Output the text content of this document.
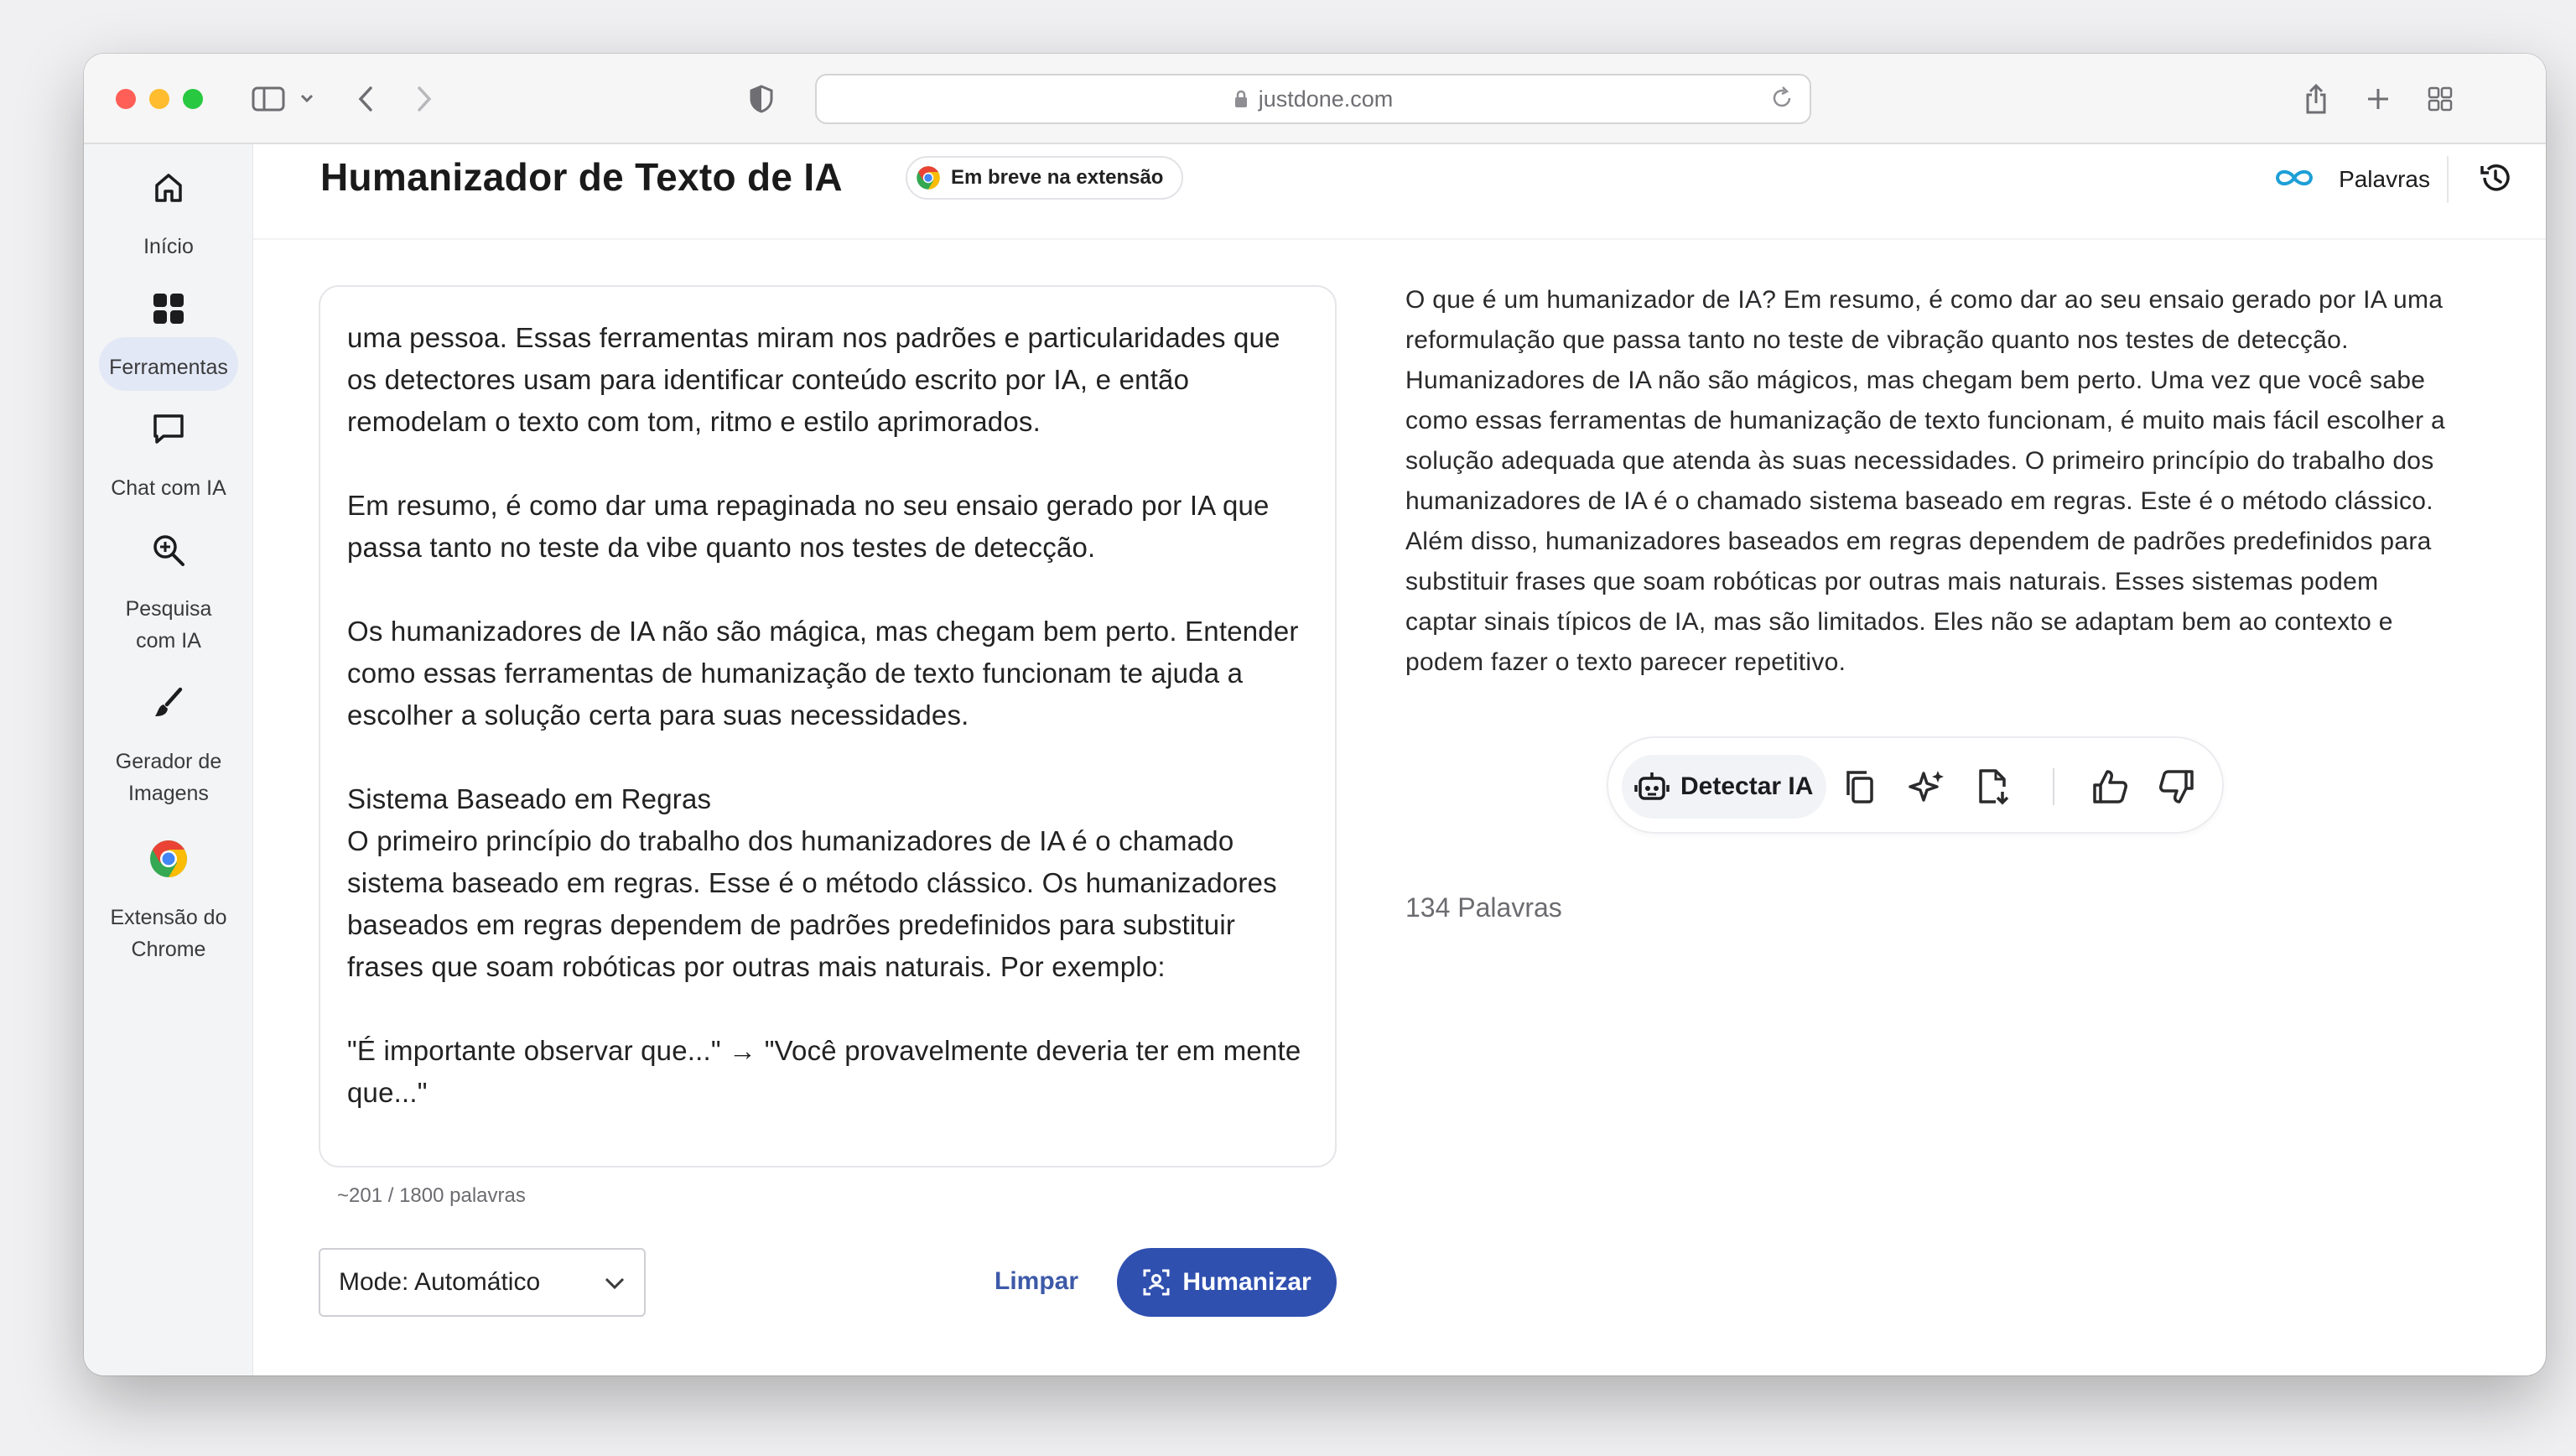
justdone.com
Início
Ferramentas
Chat com IA
Pesquisa com IA
Gerador de Imagens
Extensão do Chrome
Humanizador de Texto de IA	Em breve na extensão	Palavras

uma pessoa. Essas ferramentas miram nos padrões e particularidades que os detectores usam para identificar conteúdo escrito por IA, e então remodelam o texto com tom, ritmo e estilo aprimorados.

Em resumo, é como dar uma repaginada no seu ensaio gerado por IA que passa tanto no teste da vibe quanto nos testes de detecção.

Os humanizadores de IA não são mágica, mas chegam bem perto. Entender como essas ferramentas de humanização de texto funcionam te ajuda a escolher a solução certa para suas necessidades.

Sistema Baseado em Regras

O primeiro princípio do trabalho dos humanizadores de IA é o chamado sistema baseado em regras. Esse é o método clássico. Os humanizadores baseados em regras dependem de padrões predefinidos para substituir frases que soam robóticas por outras mais naturais. Por exemplo:

"É importante observar que..." → "Você provavelmente deveria ter em mente que..."

~201 / 1800 palavras
Mode: Automático	Limpar	Humanizar
O que é um humanizador de IA? Em resumo, é como dar ao seu ensaio gerado por IA uma reformulação que passa tanto no teste de vibração quanto nos testes de detecção. Humanizadores de IA não são mágicos, mas chegam bem perto. Uma vez que você sabe como essas ferramentas de humanização de texto funcionam, é muito mais fácil escolher a solução adequada que atenda às suas necessidades. O primeiro princípio do trabalho dos humanizadores de IA é o chamado sistema baseado em regras. Este é o método clássico. Além disso, humanizadores baseados em regras dependem de padrões predefinidos para substituir frases que soam robóticas por outras mais naturais. Esses sistemas podem captar sinais típicos de IA, mas são limitados. Eles não se adaptam bem ao contexto e podem fazer o texto parecer repetitivo.
Detectar IA
134 Palavras
